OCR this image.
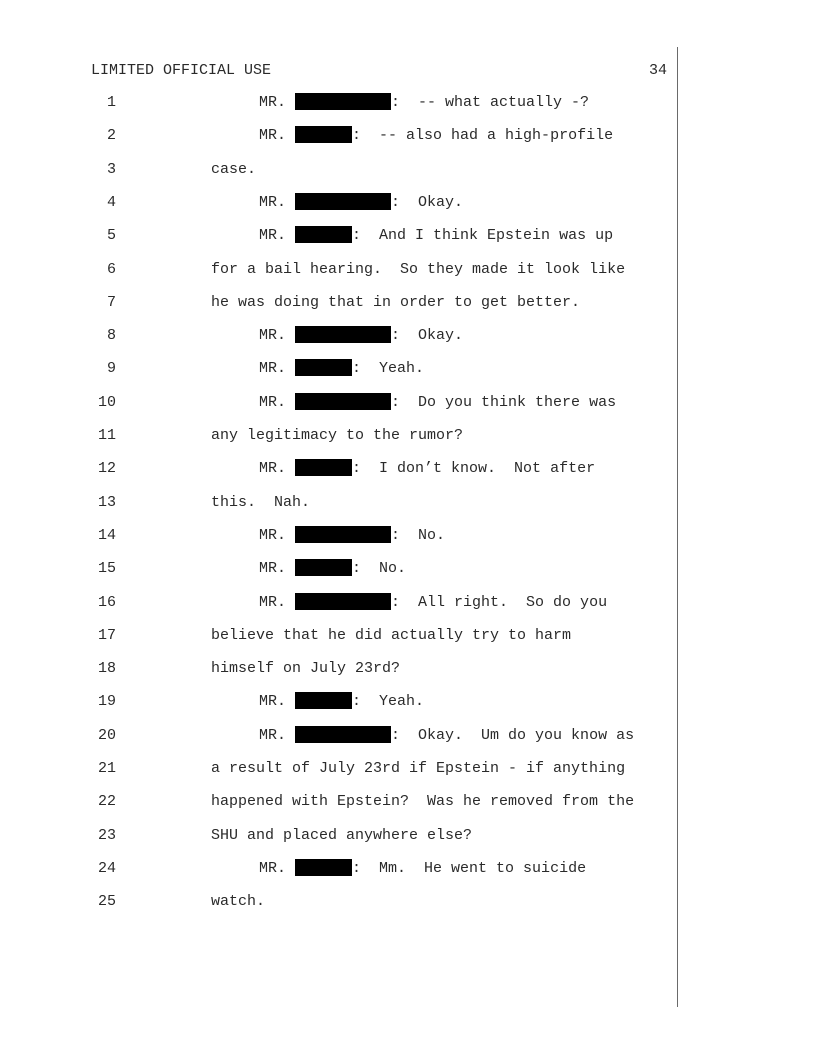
LIMITED OFFICIAL USE	34
1	MR.	:  -- what actually -?
2	MR.	:  -- also had a high-profile
3	case.
4	MR.	:  Okay.
5	MR.	:  And I think Epstein was up
6	for a bail hearing.  So they made it look like
7	he was doing that in order to get better.
8	MR.	:  Okay.
9	MR.	:  Yeah.
10	MR.	:  Do you think there was
11	any legitimacy to the rumor?
12	MR.	:  I don’t know.  Not after
13	this.  Nah.
14	MR.	:  No.
15	MR.	:  No.
16	MR.	:  All right.  So do you
17	believe that he did actually try to harm
18	himself on July 23rd?
19	MR.	:  Yeah.
20	MR.	:  Okay.  Um do you know as
21	a result of July 23rd if Epstein - if anything
22	happened with Epstein?  Was he removed from the
23	SHU and placed anywhere else?
24	MR.	:  Mm.  He went to suicide
25	watch.
